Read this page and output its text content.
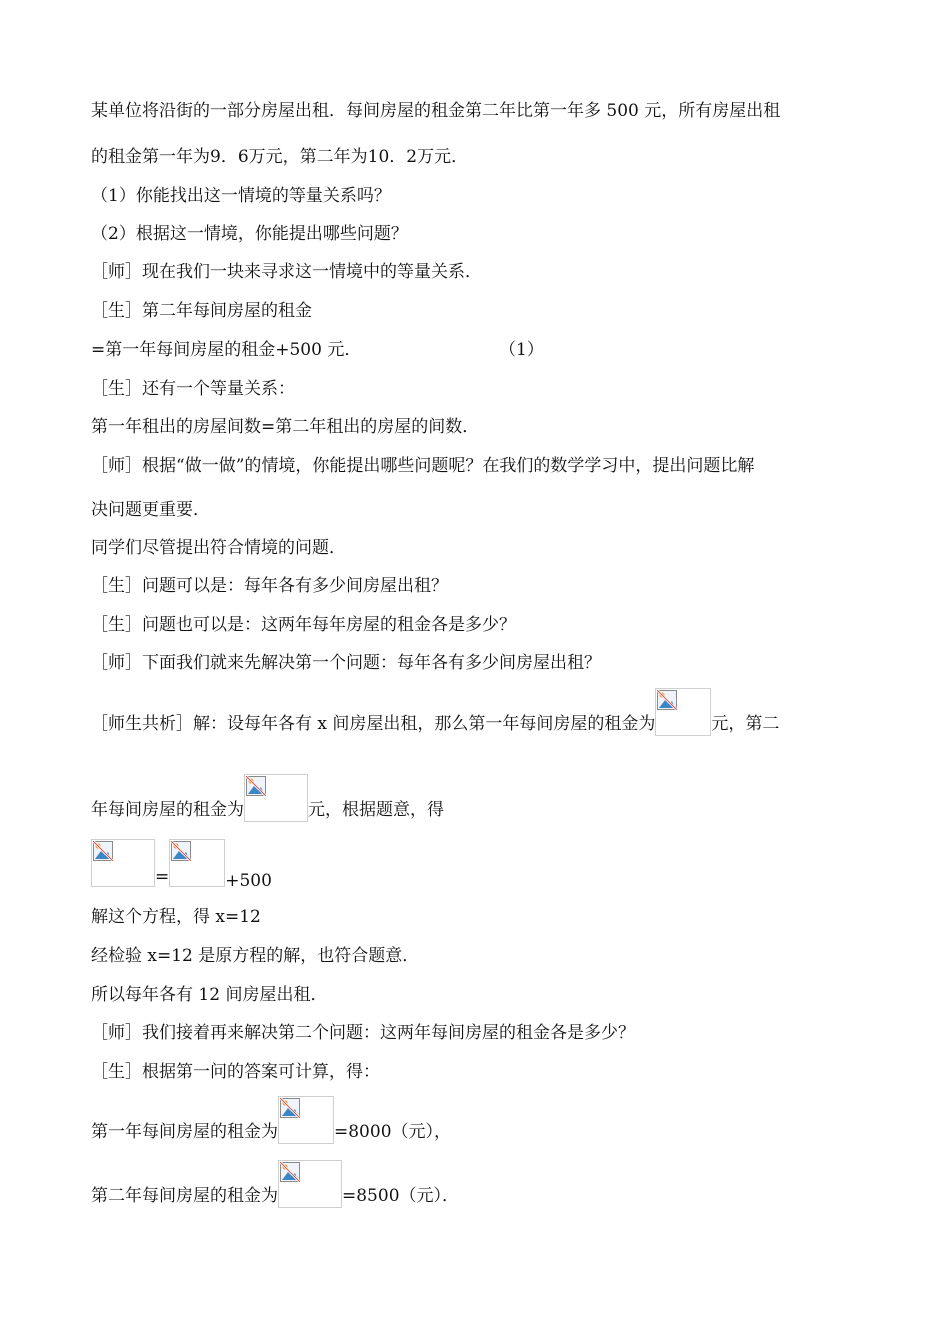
某单位将沿街的一部分房屋出租．每间房屋的租金第二年比第一年多 500 元，所有房屋出租
的租金第一年为9．6万元，第二年为10．2万元．
（1）你能找出这一情境的等量关系吗？
（2）根据这一情境，你能提出哪些问题？
［师］现在我们一块来寻求这一情境中的等量关系．
［生］第二年每间房屋的租金
=第一年每间房屋的租金+500 元．	（1）
［生］还有一个等量关系：
第一年租出的房屋间数=第二年租出的房屋的间数．
［师］根据“做一做”的情境，你能提出哪些问题呢？在我们的数学学习中，提出问题比解
决问题更重要．
同学们尽管提出符合情境的问题．
［生］问题可以是：每年各有多少间房屋出租？
［生］问题也可以是：这两年每年房屋的租金各是多少？
［师］下面我们就来先解决第一个问题：每年各有多少间房屋出租？
［师生共析］解：设每年各有 x 间房屋出租，那么第一年每间房屋的租金为	元，第二
年每间房屋的租金为	元，根据题意，得
=	+500
解这个方程，得 x=12
经检验 x=12 是原方程的解，也符合题意．
所以每年各有 12 间房屋出租．
［师］我们接着再来解决第二个问题：这两年每间房屋的租金各是多少？
［生］根据第一问的答案可计算，得：
第一年每间房屋的租金为	=8000（元），
第二年每间房屋的租金为	=8500（元）．
